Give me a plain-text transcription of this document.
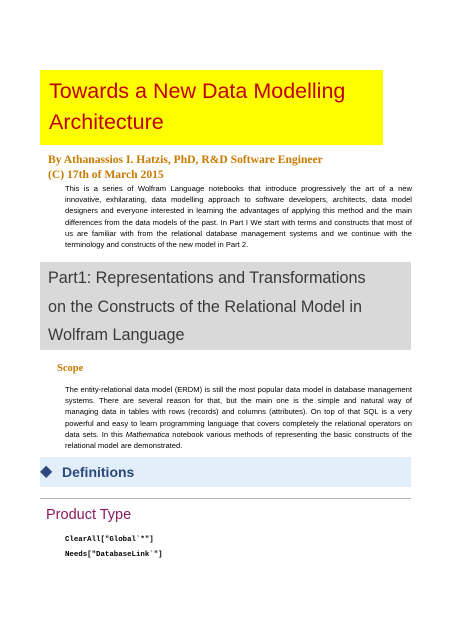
Towards a New Data Modelling
Architecture
By Athanassios I. Hatzis, PhD, R&D Software Engineer
(C) 17th of March 2015
This is a series of Wolfram Language notebooks that introduce progressively the art of a new innovative, exhilarating, data modelling approach to software developers, architects, data model designers and everyone interested in learning the advantages of applying this method and the main differences from the data models of the past. In Part I We start with terms and constructs that most of us are familiar with from the relational database management systems and we continue with the terminology and constructs of the new model in Part 2.
Part1: Representations and Transformations
on the Constructs of the Relational Model in
Wolfram Language
Scope
The entity-relational data model (ERDM) is still the most popular data model in database management systems. There are several reason for that, but the main one is the simple and natural way of managing data in tables with rows (records) and columns (attributes). On top of that SQL is a very powerful and easy to learn programming language that covers completely the relational operators on data sets. In this Mathematica notebook various methods of representing the basic constructs of the relational model are demonstrated.
◆ Definitions
Product Type
ClearAll["Global`*"]
Needs["DatabaseLink`"]
